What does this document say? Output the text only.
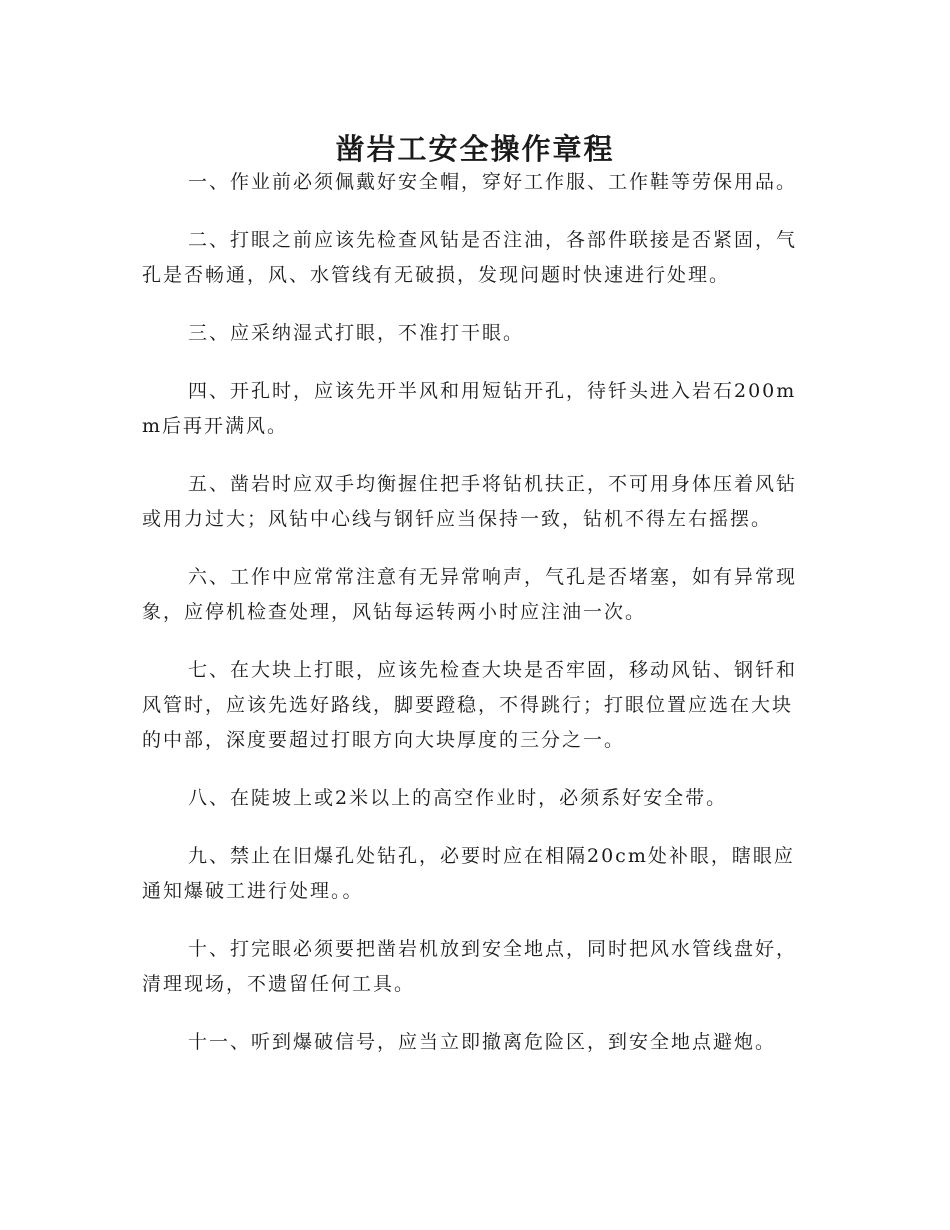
凿岩工安全操作章程

一、作业前必须佩戴好安全帽，穿好工作服、工作鞋等劳保用品。

二、打眼之前应该先检查风钻是否注油，各部件联接是否紧固，气孔是否畅通，风、水管线有无破损，发现问题时快速进行处理。

三、应采纳湿式打眼，不准打干眼。

四、开孔时，应该先开半风和用短钻开孔，待钎头进入岩石200mm后再开满风。

五、凿岩时应双手均衡握住把手将钻机扶正，不可用身体压着风钻或用力过大；风钻中心线与钢钎应当保持一致，钻机不得左右摇摆。

六、工作中应常常注意有无异常响声，气孔是否堵塞，如有异常现象，应停机检查处理，风钻每运转两小时应注油一次。

七、在大块上打眼，应该先检查大块是否牢固，移动风钻、钢钎和风管时，应该先选好路线，脚要蹬稳，不得跳行；打眼位置应选在大块的中部，深度要超过打眼方向大块厚度的三分之一。

八、在陡坡上或2米以上的高空作业时，必须系好安全带。

九、禁止在旧爆孔处钻孔，必要时应在相隔20cm处补眼，瞎眼应通知爆破工进行处理。。

十、打完眼必须要把凿岩机放到安全地点，同时把风水管线盘好，清理现场，不遗留任何工具。

十一、听到爆破信号，应当立即撤离危险区，到安全地点避炮。
